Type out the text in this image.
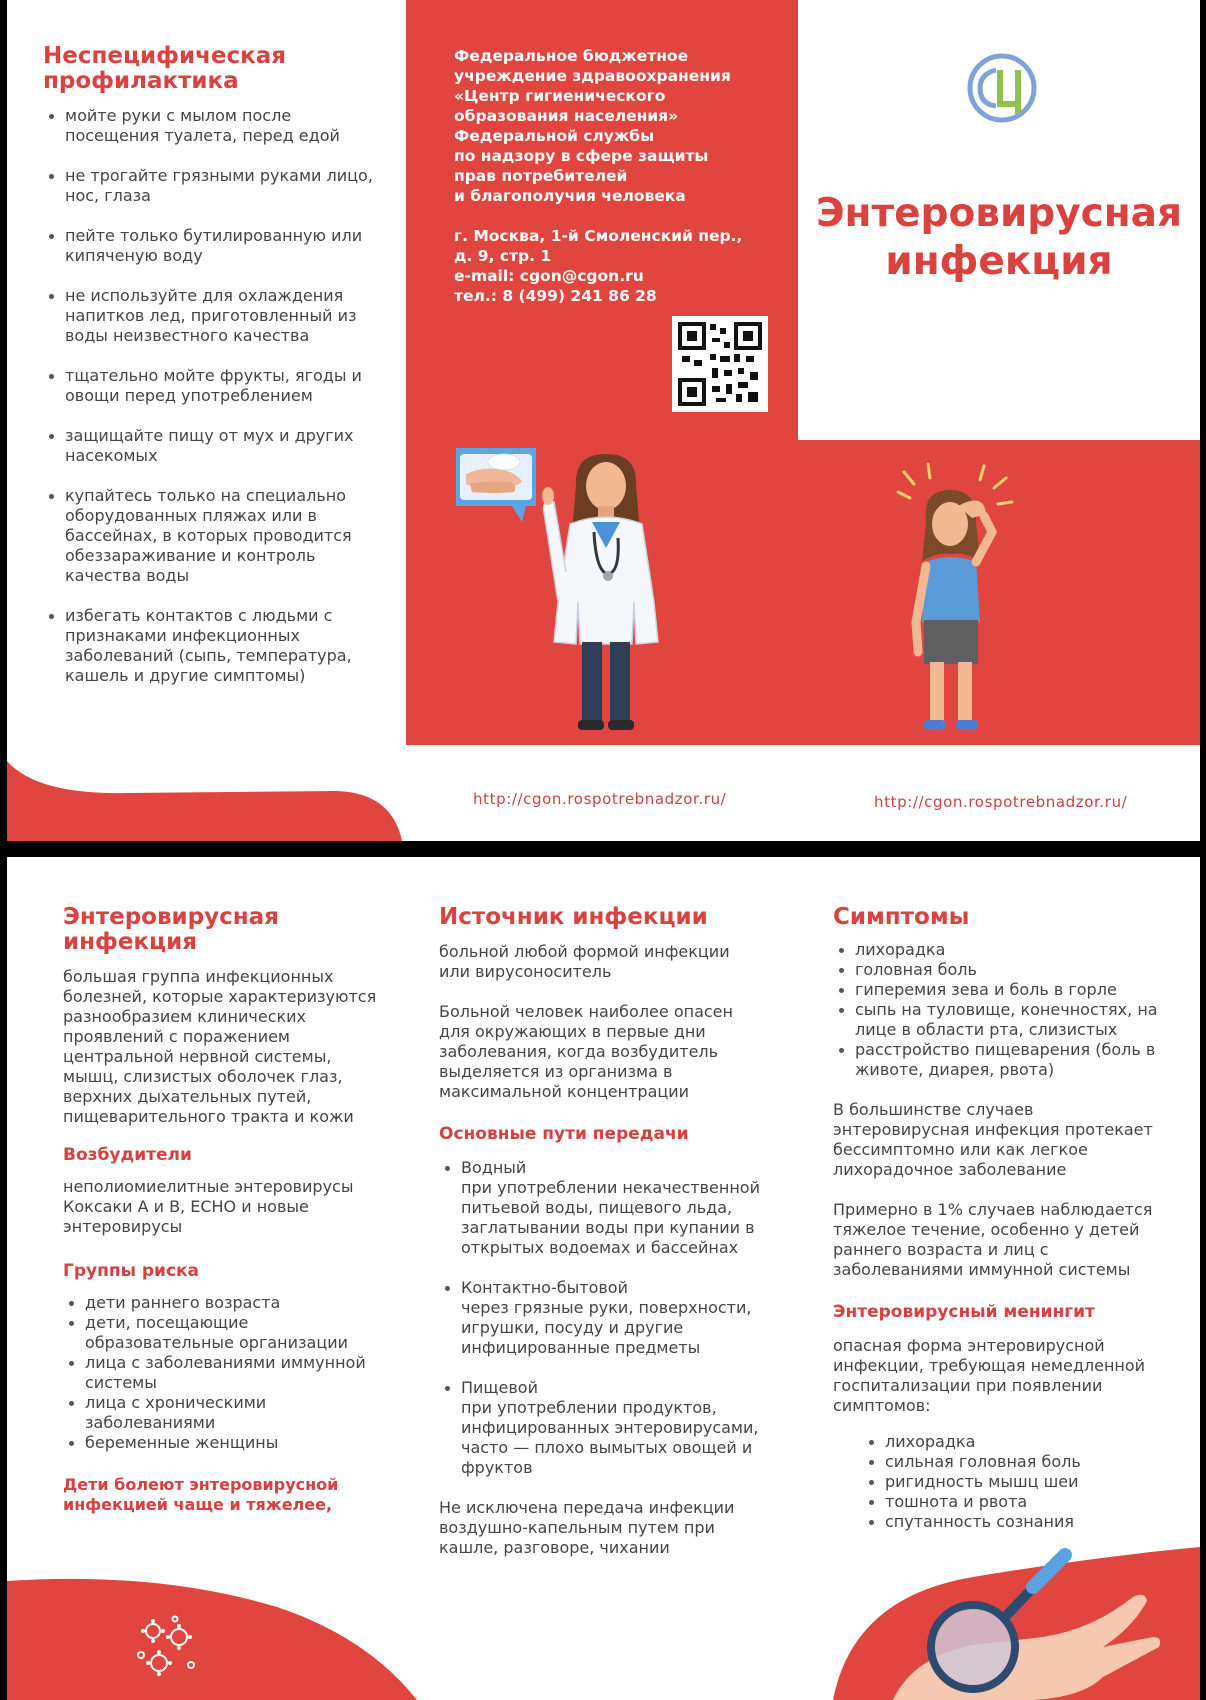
Неспецифическая профилактика
мойте руки с мылом после посещения туалета, перед едой
не трогайте грязными руками лицо, нос, глаза
пейте только бутилированную или кипяченую воду
не используйте для охлаждения напитков лед, приготовленный из воды неизвестного качества
тщательно мойте фрукты, ягоды и овощи перед употреблением
защищайте пищу от мух и других насекомых
купайтесь только на специально оборудованных пляжах или в бассейнах, в которых проводится обеззараживание и контроль качества воды
избегать контактов с людьми с признаками инфекционных заболеваний (сыпь, температура, кашель и другие симптомы)
Федеральное бюджетное
учреждение здравоохранения
«Центр гигиенического
образования населения»
Федеральной службы
по надзору в сфере защиты
прав потребителей
и благополучия человека
г. Москва, 1-й Смоленский пер.,
д. 9, стр. 1
e-mail: cgon@cgon.ru
тел.: 8 (499) 241 86 28
Энтеровирусная
инфекция
http://cgon.rospotrebnadzor.ru/	http://cgon.rospotrebnadzor.ru/
Энтеровирусная инфекция
большая группа инфекционных болезней, которые характеризуются разнообразием клинических проявлений с поражением центральной нервной системы, мышц, слизистых оболочек глаз, верхних дыхательных путей, пищеварительного тракта и кожи
Возбудители
неполиомиелитные энтеровирусы Коксаки А и В, ЕСНО и новые энтеровирусы
Группы риска
дети раннего возраста
дети, посещающие образовательные организации
лица с заболеваниями иммунной системы
лица с хроническими заболеваниями
беременные женщины
Дети болеют энтеровирусной инфекцией чаще и тяжелее,
Источник инфекции
больной любой формой инфекции или вирусоноситель
Больной человек наиболее опасен для окружающих в первые дни заболевания, когда возбудитель выделяется из организма в максимальной концентрации
Основные пути передачи
Водный
при употреблении некачественной питьевой воды, пищевого льда, заглатывании воды при купании в открытых водоемах и бассейнах
Контактно-бытовой
через грязные руки, поверхности, игрушки, посуду и другие инфицированные предметы
Пищевой
при употреблении продуктов, инфицированных энтеровирусами, часто — плохо вымытых овощей и фруктов
Не исключена передача инфекции воздушно-капельным путем при кашле, разговоре, чихании
Симптомы
лихорадка
головная боль
гиперемия зева и боль в горле
сыпь на туловище, конечностях, на лице в области рта, слизистых
расстройство пищеварения (боль в животе, диарея, рвота)
В большинстве случаев энтеровирусная инфекция протекает бессимптомно или как легкое лихорадочное заболевание
Примерно в 1% случаев наблюдается тяжелое течение, особенно у детей раннего возраста и лиц с заболеваниями иммунной системы
Энтеровирусный менингит
опасная форма энтеровирусной инфекции, требующая немедленной госпитализации при появлении симптомов:
лихорадка
сильная головная боль
ригидность мышц шеи
тошнота и рвота
спутанность сознания
